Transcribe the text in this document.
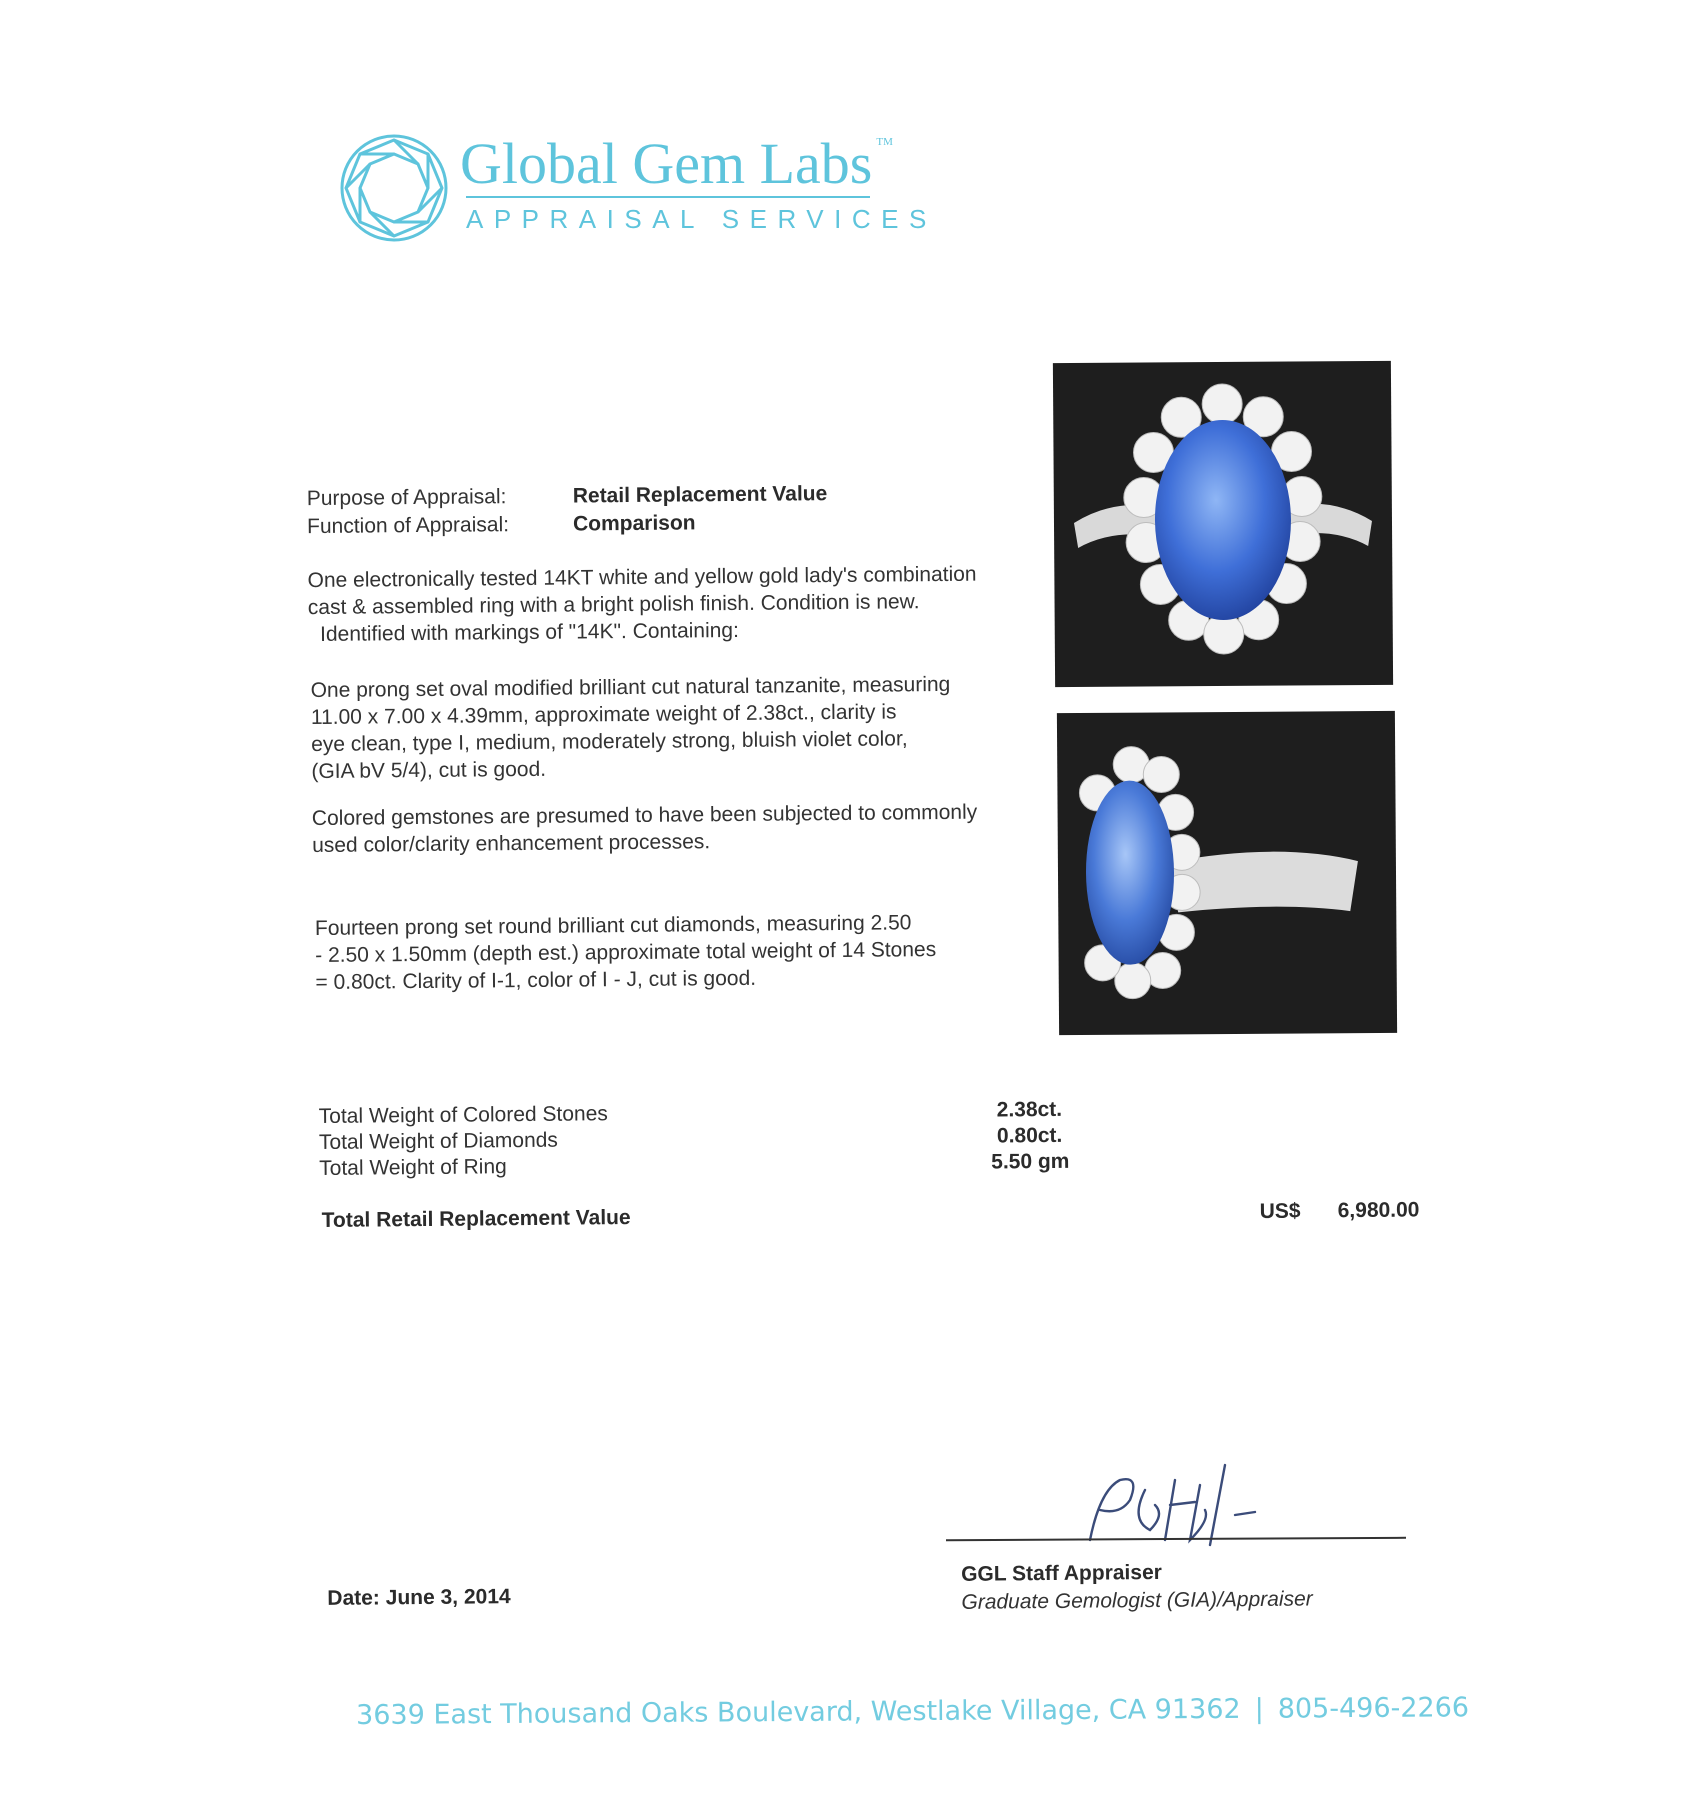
Global Gem Labs ™
APPRAISAL SERVICES
Purpose of Appraisal:	Retail Replacement Value
Function of Appraisal:	Comparison
One electronically tested 14KT white and yellow gold lady's combination
cast & assembled ring with a bright polish finish. Condition is new.
Identified with markings of "14K". Containing:
One prong set oval modified brilliant cut natural tanzanite, measuring
11.00 x 7.00 x 4.39mm, approximate weight of 2.38ct., clarity is
eye clean, type I, medium, moderately strong, bluish violet color,
(GIA bV 5/4), cut is good.
Colored gemstones are presumed to have been subjected to commonly
used color/clarity enhancement processes.
Fourteen prong set round brilliant cut diamonds, measuring 2.50
- 2.50 x 1.50mm (depth est.) approximate total weight of 14 Stones
= 0.80ct. Clarity of I-1, color of I - J, cut is good.
Total Weight of Colored Stones	2.38ct.
Total Weight of Diamonds	0.80ct.
Total Weight of Ring	5.50 gm
Total Retail Replacement Value	US$ 6,980.00
Date: June 3, 2014
GGL Staff Appraiser
Graduate Gemologist (GIA)/Appraiser
3639 East Thousand Oaks Boulevard, Westlake Village, CA 91362 | 805-496-2266
